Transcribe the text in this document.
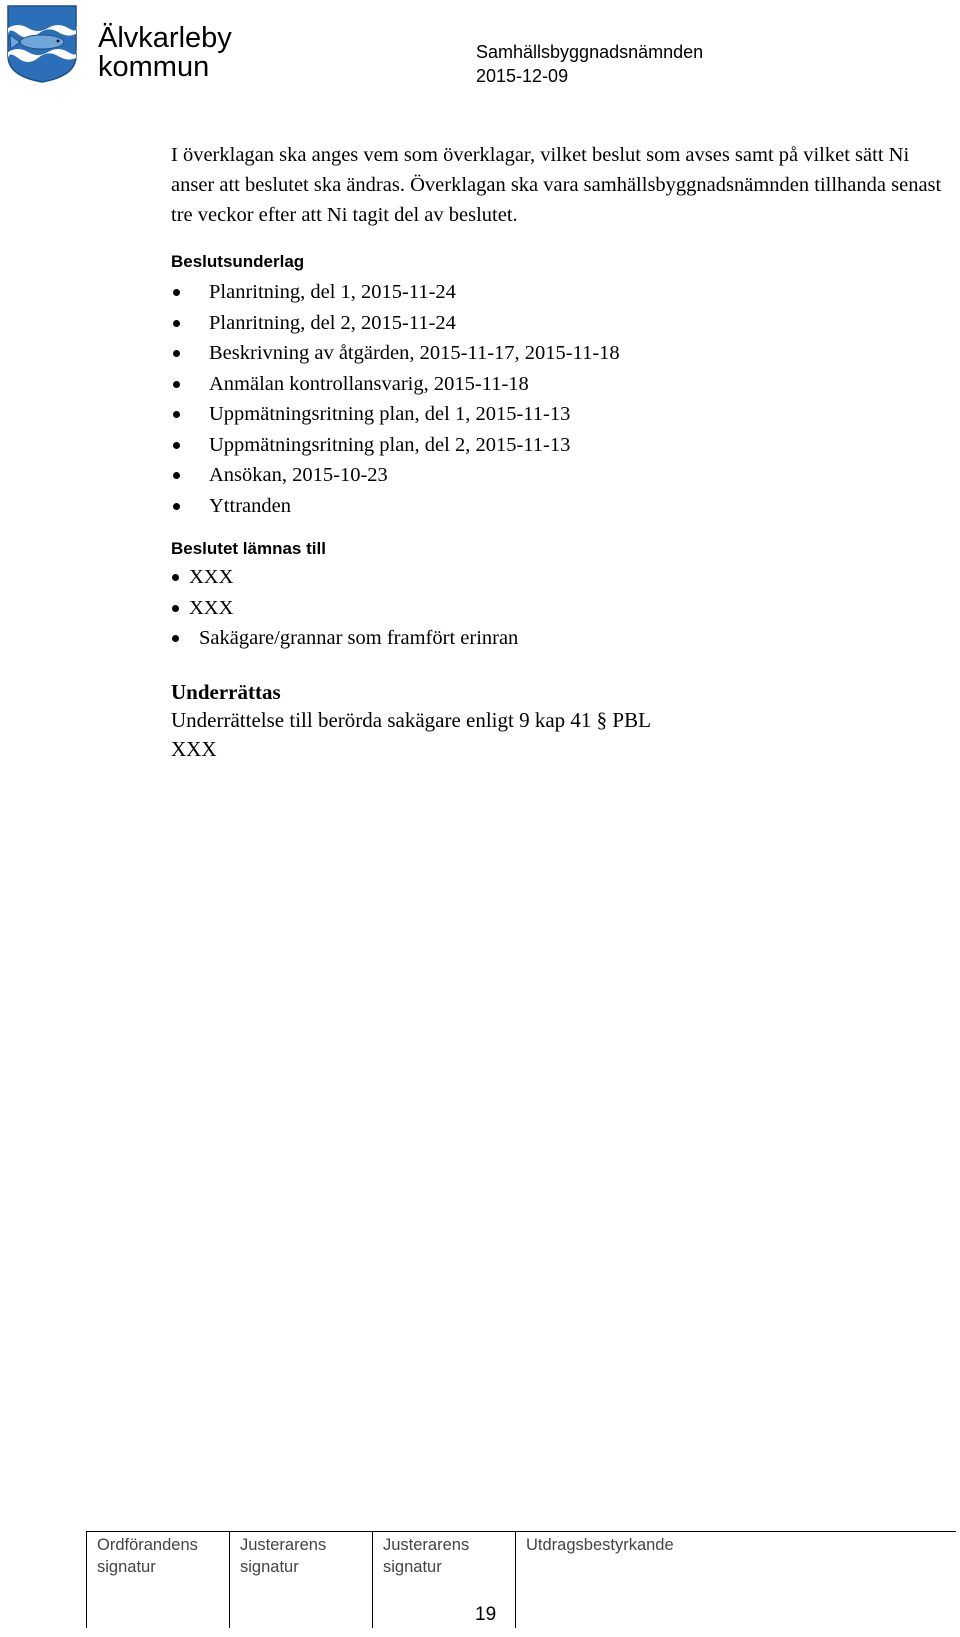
Älvkarleby
kommun	Samhällsbyggnadsnämnden
2015-12-09

I överklagan ska anges vem som överklagar, vilket beslut som avses samt på vilket sätt Ni anser att beslutet ska ändras. Överklagan ska vara samhällsbyggnadsnämnden tillhanda senast tre veckor efter att Ni tagit del av beslutet.

Beslutsunderlag
Planritning, del 1, 2015-11-24
Planritning, del 2, 2015-11-24
Beskrivning av åtgärden, 2015-11-17, 2015-11-18
Anmälan kontrollansvarig, 2015-11-18
Uppmätningsritning plan, del 1, 2015-11-13
Uppmätningsritning plan, del 2, 2015-11-13
Ansökan, 2015-10-23
Yttranden
Beslutet lämnas till
XXX
XXX
Sakägare/grannar som framfört erinran
Underrättas
Underrättelse till berörda sakägare enligt 9 kap 41 § PBL
XXX
Ordförandens
signatur
Justerarens
signatur
Justerarens
signatur
Utdragsbestyrkande
19
